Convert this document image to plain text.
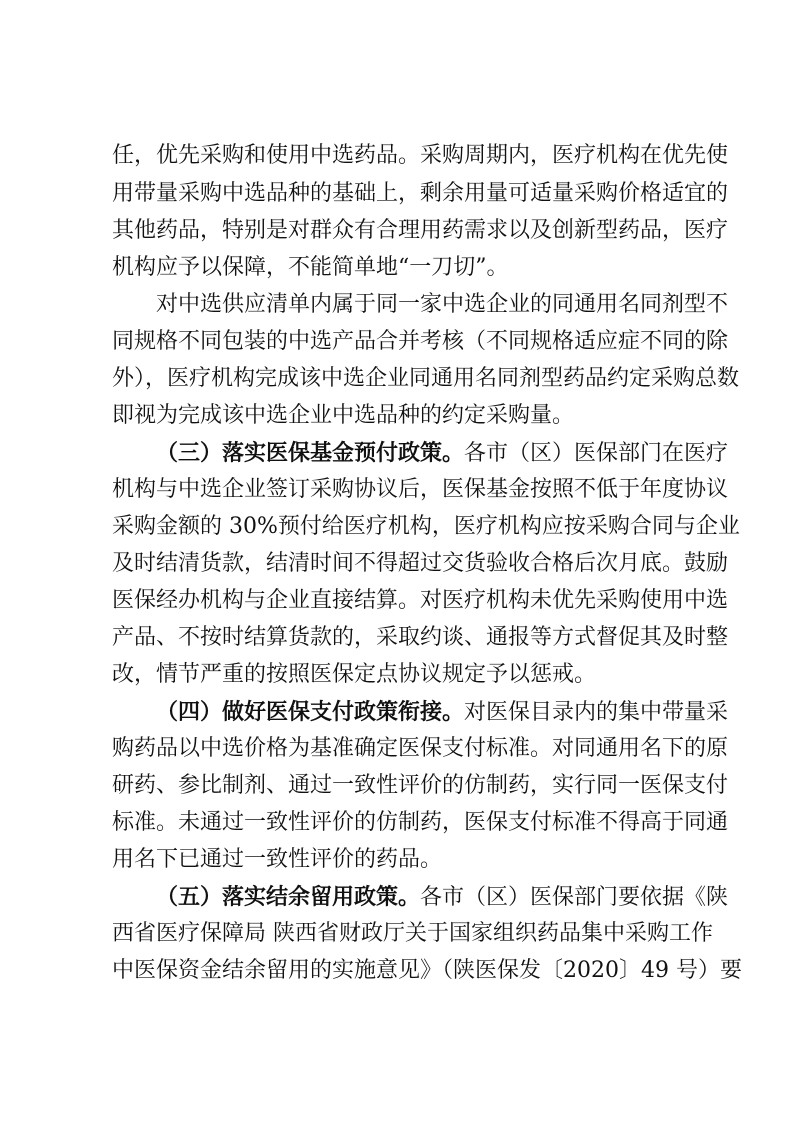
任，优先采购和使用中选药品。采购周期内，医疗机构在优先使
用带量采购中选品种的基础上，剩余用量可适量采购价格适宜的
其他药品，特别是对群众有合理用药需求以及创新型药品，医疗
机构应予以保障，不能简单地“一刀切”。
对中选供应清单内属于同一家中选企业的同通用名同剂型不
同规格不同包装的中选产品合并考核（不同规格适应症不同的除
外），医疗机构完成该中选企业同通用名同剂型药品约定采购总数
即视为完成该中选企业中选品种的约定采购量。
（三）落实医保基金预付政策。各市（区）医保部门在医疗
机构与中选企业签订采购协议后，医保基金按照不低于年度协议
采购金额的 30%预付给医疗机构，医疗机构应按采购合同与企业
及时结清货款，结清时间不得超过交货验收合格后次月底。鼓励
医保经办机构与企业直接结算。对医疗机构未优先采购使用中选
产品、不按时结算货款的，采取约谈、通报等方式督促其及时整
改，情节严重的按照医保定点协议规定予以惩戒。
（四）做好医保支付政策衔接。对医保目录内的集中带量采
购药品以中选价格为基准确定医保支付标准。对同通用名下的原
研药、参比制剂、通过一致性评价的仿制药，实行同一医保支付
标准。未通过一致性评价的仿制药，医保支付标准不得高于同通
用名下已通过一致性评价的药品。
（五）落实结余留用政策。各市（区）医保部门要依据《陕
西省医疗保障局 陕西省财政厅关于国家组织药品集中采购工作
中医保资金结余留用的实施意见》（陕医保发〔2020〕49 号）要
